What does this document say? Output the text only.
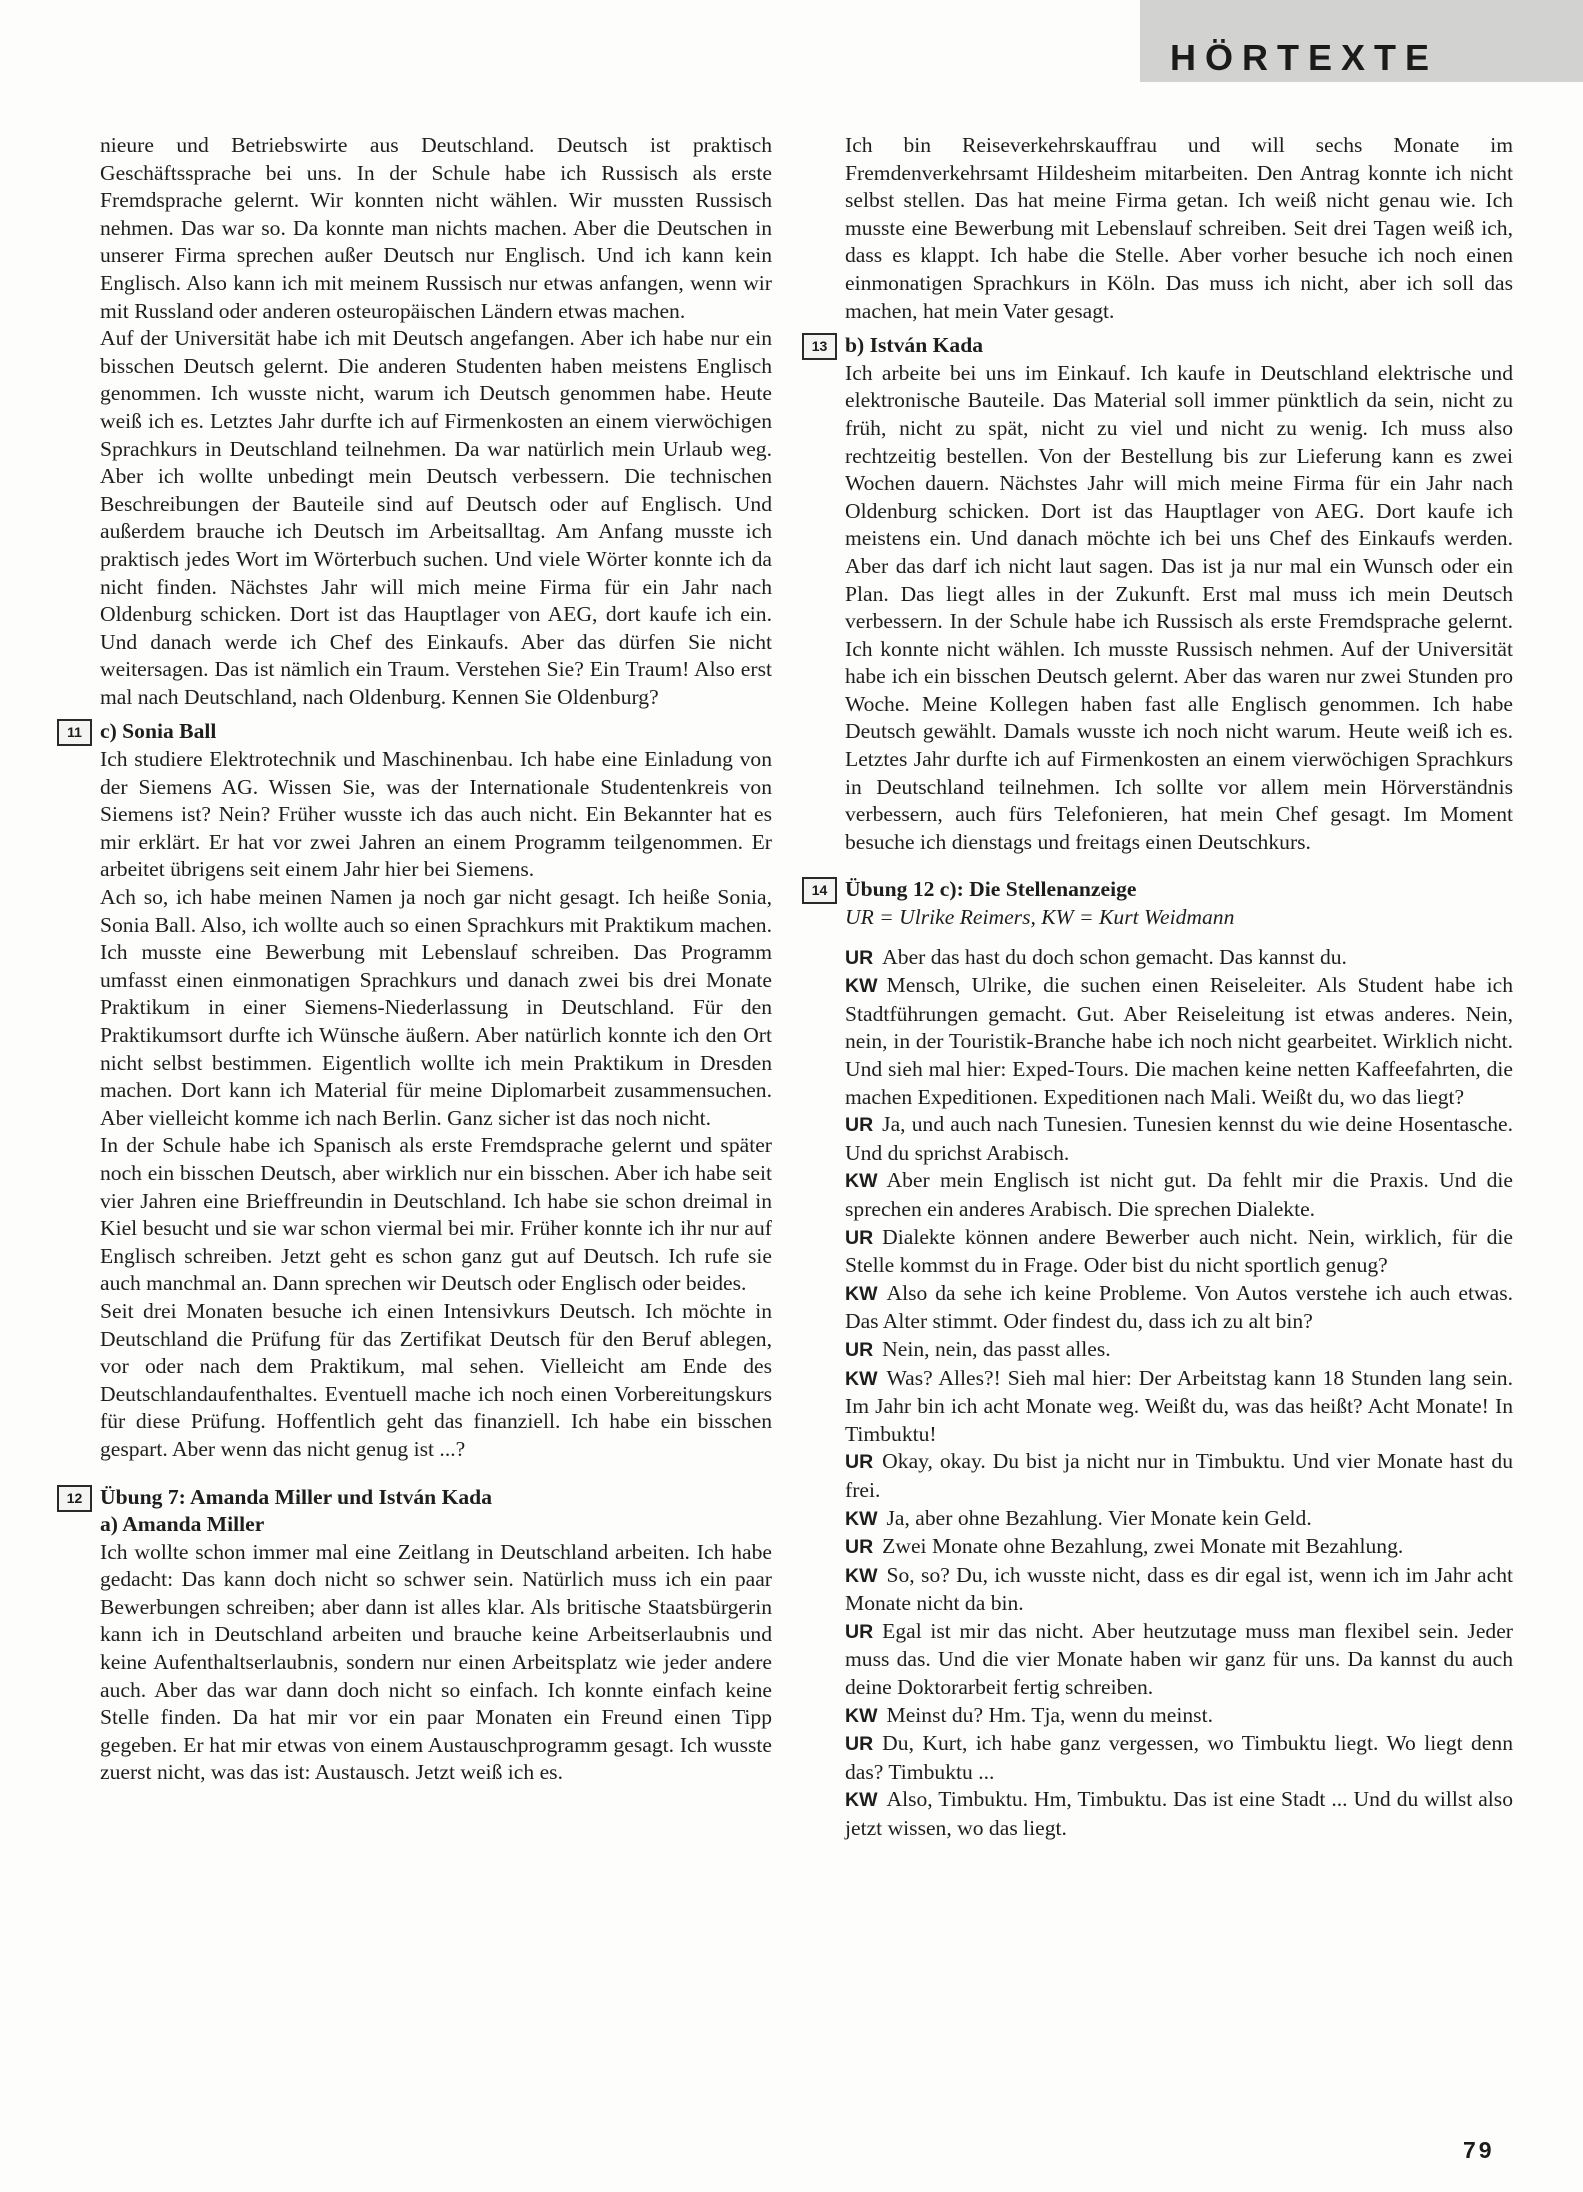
HÖRTEXTE

nieure und Betriebswirte aus Deutschland. Deutsch ist praktisch Geschäftssprache bei uns. In der Schule habe ich Russisch als erste Fremdsprache gelernt. Wir konnten nicht wählen. Wir mussten Russisch nehmen. Das war so. Da konnte man nichts machen. Aber die Deutschen in unserer Firma sprechen außer Deutsch nur Englisch. Und ich kann kein Englisch. Also kann ich mit meinem Russisch nur etwas anfangen, wenn wir mit Russland oder anderen osteuropäischen Ländern etwas machen.

Auf der Universität habe ich mit Deutsch angefangen. Aber ich habe nur ein bisschen Deutsch gelernt. Die anderen Studenten haben meistens Englisch genommen. Ich wusste nicht, warum ich Deutsch genommen habe. Heute weiß ich es. Letztes Jahr durfte ich auf Firmenkosten an einem vierwöchigen Sprachkurs in Deutschland teilnehmen. Da war natürlich mein Urlaub weg. Aber ich wollte unbedingt mein Deutsch verbessern. Die technischen Beschreibungen der Bauteile sind auf Deutsch oder auf Englisch. Und außerdem brauche ich Deutsch im Arbeitsalltag. Am Anfang musste ich praktisch jedes Wort im Wörterbuch suchen. Und viele Wörter konnte ich da nicht finden. Nächstes Jahr will mich meine Firma für ein Jahr nach Oldenburg schicken. Dort ist das Hauptlager von AEG, dort kaufe ich ein. Und danach werde ich Chef des Einkaufs. Aber das dürfen Sie nicht weitersagen. Das ist nämlich ein Traum. Verstehen Sie? Ein Traum! Also erst mal nach Deutschland, nach Oldenburg. Kennen Sie Oldenburg?

11 c) Sonia Ball

Ich studiere Elektrotechnik und Maschinenbau. Ich habe eine Einladung von der Siemens AG. Wissen Sie, was der Internationale Studentenkreis von Siemens ist? Nein? Früher wusste ich das auch nicht. Ein Bekannter hat es mir erklärt. Er hat vor zwei Jahren an einem Programm teilgenommen. Er arbeitet übrigens seit einem Jahr hier bei Siemens.

Ach so, ich habe meinen Namen ja noch gar nicht gesagt. Ich heiße Sonia, Sonia Ball. Also, ich wollte auch so einen Sprachkurs mit Praktikum machen. Ich musste eine Bewerbung mit Lebenslauf schreiben. Das Programm umfasst einen einmonatigen Sprachkurs und danach zwei bis drei Monate Praktikum in einer Siemens-Niederlassung in Deutschland. Für den Praktikumsort durfte ich Wünsche äußern. Aber natürlich konnte ich den Ort nicht selbst bestimmen. Eigentlich wollte ich mein Praktikum in Dresden machen. Dort kann ich Material für meine Diplomarbeit zusammensuchen. Aber vielleicht komme ich nach Berlin. Ganz sicher ist das noch nicht.

In der Schule habe ich Spanisch als erste Fremdsprache gelernt und später noch ein bisschen Deutsch, aber wirklich nur ein bisschen. Aber ich habe seit vier Jahren eine Brieffreundin in Deutschland. Ich habe sie schon dreimal in Kiel besucht und sie war schon viermal bei mir. Früher konnte ich ihr nur auf Englisch schreiben. Jetzt geht es schon ganz gut auf Deutsch. Ich rufe sie auch manchmal an. Dann sprechen wir Deutsch oder Englisch oder beides.

Seit drei Monaten besuche ich einen Intensivkurs Deutsch. Ich möchte in Deutschland die Prüfung für das Zertifikat Deutsch für den Beruf ablegen, vor oder nach dem Praktikum, mal sehen. Vielleicht am Ende des Deutschlandaufenthaltes. Eventuell mache ich noch einen Vorbereitungskurs für diese Prüfung. Hoffentlich geht das finanziell. Ich habe ein bisschen gespart. Aber wenn das nicht genug ist ...?

12 Übung 7: Amanda Miller und István Kada

a) Amanda Miller

Ich wollte schon immer mal eine Zeitlang in Deutschland arbeiten. Ich habe gedacht: Das kann doch nicht so schwer sein. Natürlich muss ich ein paar Bewerbungen schreiben; aber dann ist alles klar. Als britische Staatsbürgerin kann ich in Deutschland arbeiten und brauche keine Arbeitserlaubnis und keine Aufenthaltserlaubnis, sondern nur einen Arbeitsplatz wie jeder andere auch. Aber das war dann doch nicht so einfach. Ich konnte einfach keine Stelle finden. Da hat mir vor ein paar Monaten ein Freund einen Tipp gegeben. Er hat mir etwas von einem Austauschprogramm gesagt. Ich wusste zuerst nicht, was das ist: Austausch. Jetzt weiß ich es.

Ich bin Reiseverkehrskauffrau und will sechs Monate im Fremdenverkehrsamt Hildesheim mitarbeiten. Den Antrag konnte ich nicht selbst stellen. Das hat meine Firma getan. Ich weiß nicht genau wie. Ich musste eine Bewerbung mit Lebenslauf schreiben. Seit drei Tagen weiß ich, dass es klappt. Ich habe die Stelle. Aber vorher besuche ich noch einen einmonatigen Sprachkurs in Köln. Das muss ich nicht, aber ich soll das machen, hat mein Vater gesagt.

13 b) István Kada

Ich arbeite bei uns im Einkauf. Ich kaufe in Deutschland elektrische und elektronische Bauteile. Das Material soll immer pünktlich da sein, nicht zu früh, nicht zu spät, nicht zu viel und nicht zu wenig. Ich muss also rechtzeitig bestellen. Von der Bestellung bis zur Lieferung kann es zwei Wochen dauern. Nächstes Jahr will mich meine Firma für ein Jahr nach Oldenburg schicken. Dort ist das Hauptlager von AEG. Dort kaufe ich meistens ein. Und danach möchte ich bei uns Chef des Einkaufs werden. Aber das darf ich nicht laut sagen. Das ist ja nur mal ein Wunsch oder ein Plan. Das liegt alles in der Zukunft. Erst mal muss ich mein Deutsch verbessern. In der Schule habe ich Russisch als erste Fremdsprache gelernt. Ich konnte nicht wählen. Ich musste Russisch nehmen. Auf der Universität habe ich ein bisschen Deutsch gelernt. Aber das waren nur zwei Stunden pro Woche. Meine Kollegen haben fast alle Englisch genommen. Ich habe Deutsch gewählt. Damals wusste ich noch nicht warum. Heute weiß ich es. Letztes Jahr durfte ich auf Firmenkosten an einem vierwöchigen Sprachkurs in Deutschland teilnehmen. Ich sollte vor allem mein Hörverständnis verbessern, auch fürs Telefonieren, hat mein Chef gesagt. Im Moment besuche ich dienstags und freitags einen Deutschkurs.

14 Übung 12 c): Die Stellenanzeige

UR = Ulrike Reimers, KW = Kurt Weidmann

UR Aber das hast du doch schon gemacht. Das kannst du.

KW Mensch, Ulrike, die suchen einen Reiseleiter. Als Student habe ich Stadtführungen gemacht. Gut. Aber Reiseleitung ist etwas anderes. Nein, nein, in der Touristik-Branche habe ich noch nicht gearbeitet. Wirklich nicht. Und sieh mal hier: Exped-Tours. Die machen keine netten Kaffeefahrten, die machen Expeditionen. Expeditionen nach Mali. Weißt du, wo das liegt?

UR Ja, und auch nach Tunesien. Tunesien kennst du wie deine Hosentasche. Und du sprichst Arabisch.

KW Aber mein Englisch ist nicht gut. Da fehlt mir die Praxis. Und die sprechen ein anderes Arabisch. Die sprechen Dialekte.

UR Dialekte können andere Bewerber auch nicht. Nein, wirklich, für die Stelle kommst du in Frage. Oder bist du nicht sportlich genug?

KW Also da sehe ich keine Probleme. Von Autos verstehe ich auch etwas. Das Alter stimmt. Oder findest du, dass ich zu alt bin?

UR Nein, nein, das passt alles.

KW Was? Alles?! Sieh mal hier: Der Arbeitstag kann 18 Stunden lang sein. Im Jahr bin ich acht Monate weg. Weißt du, was das heißt? Acht Monate! In Timbuktu!

UR Okay, okay. Du bist ja nicht nur in Timbuktu. Und vier Monate hast du frei.

KW Ja, aber ohne Bezahlung. Vier Monate kein Geld.

UR Zwei Monate ohne Bezahlung, zwei Monate mit Bezahlung.

KW So, so? Du, ich wusste nicht, dass es dir egal ist, wenn ich im Jahr acht Monate nicht da bin.

UR Egal ist mir das nicht. Aber heutzutage muss man flexibel sein. Jeder muss das. Und die vier Monate haben wir ganz für uns. Da kannst du auch deine Doktorarbeit fertig schreiben.

KW Meinst du? Hm. Tja, wenn du meinst.

UR Du, Kurt, ich habe ganz vergessen, wo Timbuktu liegt. Wo liegt denn das? Timbuktu ...

KW Also, Timbuktu. Hm, Timbuktu. Das ist eine Stadt ... Und du willst also jetzt wissen, wo das liegt.

79
